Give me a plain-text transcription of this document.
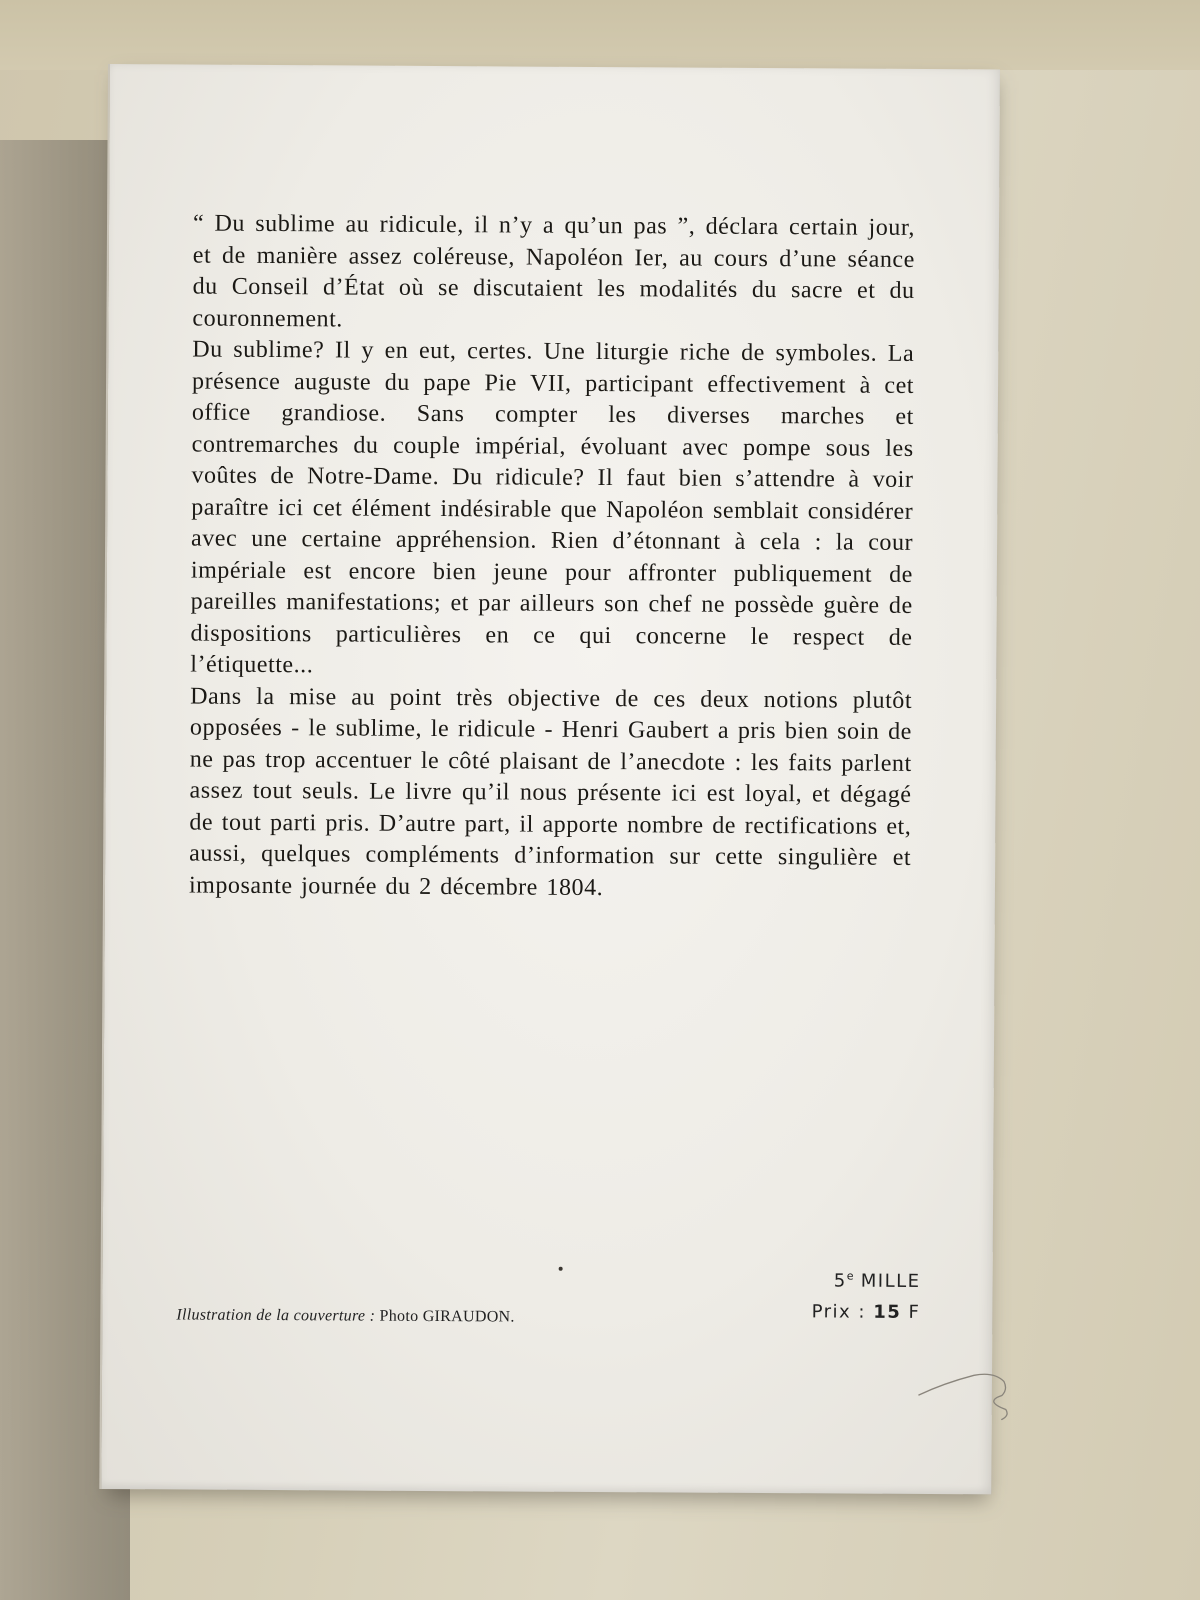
“ Du sublime au ridicule, il n’y a qu’un pas ”, déclara certain jour, et de manière assez coléreuse, Napoléon Ier, au cours d’une séance du Conseil d’État où se discutaient les modalités du sacre et du couronnement.

Du sublime? Il y en eut, certes. Une liturgie riche de symboles. La présence auguste du pape Pie VII, participant effectivement à cet office grandiose. Sans compter les diverses marches et contremarches du couple impérial, évoluant avec pompe sous les voûtes de Notre-Dame. Du ridicule? Il faut bien s’attendre à voir paraître ici cet élément indésirable que Napoléon semblait considérer avec une certaine appréhension. Rien d’étonnant à cela : la cour impériale est encore bien jeune pour affronter publiquement de pareilles manifestations; et par ailleurs son chef ne possède guère de dispositions particulières en ce qui concerne le respect de l’étiquette...

Dans la mise au point très objective de ces deux notions plutôt opposées - le sublime, le ridicule - Henri Gaubert a pris bien soin de ne pas trop accentuer le côté plaisant de l’anecdote : les faits parlent assez tout seuls. Le livre qu’il nous présente ici est loyal, et dégagé de tout parti pris. D’autre part, il apporte nombre de rectifications et, aussi, quelques compléments d’information sur cette singulière et imposante journée du 2 décembre 1804.

Illustration de la couverture : Photo GIRAUDON.
5e MILLE
Prix : 15 F
